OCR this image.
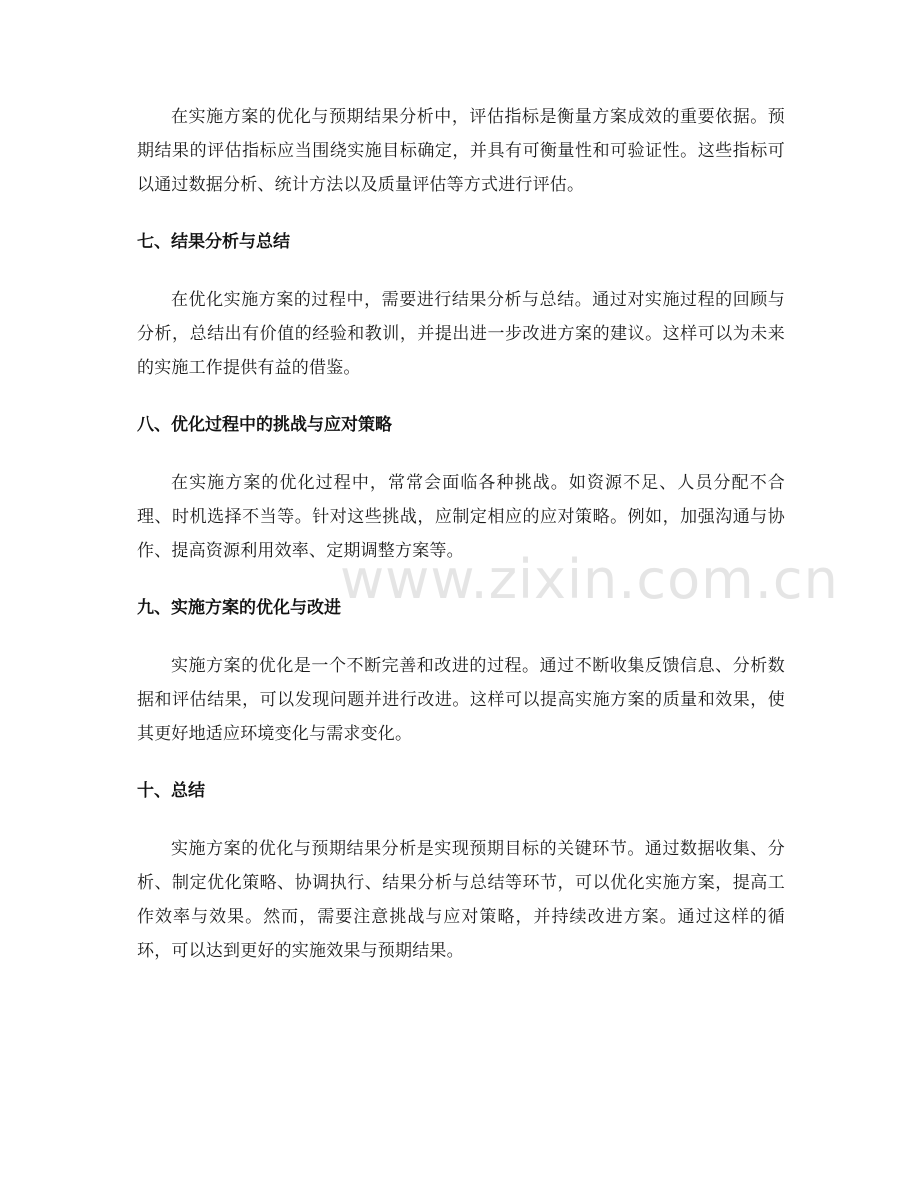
在实施方案的优化与预期结果分析中，评估指标是衡量方案成效的重要依据。预期结果的评估指标应当围绕实施目标确定，并具有可衡量性和可验证性。这些指标可以通过数据分析、统计方法以及质量评估等方式进行评估。

七、结果分析与总结

在优化实施方案的过程中，需要进行结果分析与总结。通过对实施过程的回顾与分析，总结出有价值的经验和教训，并提出进一步改进方案的建议。这样可以为未来的实施工作提供有益的借鉴。

八、优化过程中的挑战与应对策略

在实施方案的优化过程中，常常会面临各种挑战。如资源不足、人员分配不合理、时机选择不当等。针对这些挑战，应制定相应的应对策略。例如，加强沟通与协作、提高资源利用效率、定期调整方案等。

九、实施方案的优化与改进

实施方案的优化是一个不断完善和改进的过程。通过不断收集反馈信息、分析数据和评估结果，可以发现问题并进行改进。这样可以提高实施方案的质量和效果，使其更好地适应环境变化与需求变化。

十、总结

实施方案的优化与预期结果分析是实现预期目标的关键环节。通过数据收集、分析、制定优化策略、协调执行、结果分析与总结等环节，可以优化实施方案，提高工作效率与效果。然而，需要注意挑战与应对策略，并持续改进方案。通过这样的循环，可以达到更好的实施效果与预期结果。

www.zixin.com.cn
